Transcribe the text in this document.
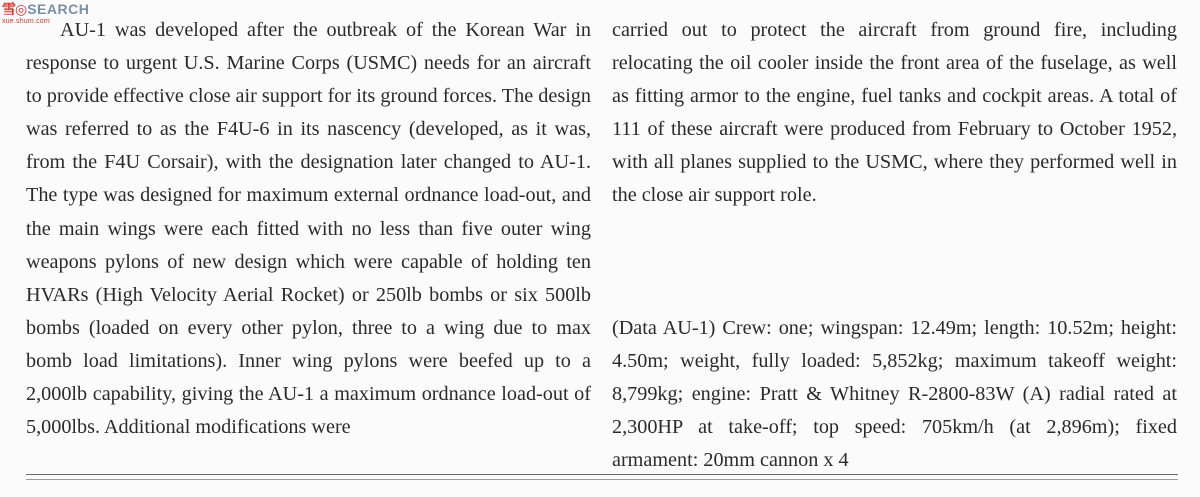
雪◎SEARCH
xue.shum.com AU-1 was developed after the outbreak of the Korean War in response to urgent U.S. Marine Corps (USMC) needs for an aircraft to provide effective close air support for its ground forces. The design was referred to as the F4U-6 in its nascency (developed, as it was, from the F4U Corsair), with the designation later changed to AU-1. The type was designed for maximum external ordnance load-out, and the main wings were each fitted with no less than five outer wing weapons pylons of new design which were capable of holding ten HVARs (High Velocity Aerial Rocket) or 250lb bombs or six 500lb bombs (loaded on every other pylon, three to a wing due to max bomb load limitations). Inner wing pylons were beefed up to a 2,000lb capability, giving the AU-1 a maximum ordnance load-out of 5,000lbs. Additional modifications were

carried out to protect the aircraft from ground fire, including relocating the oil cooler inside the front area of the fuselage, as well as fitting armor to the engine, fuel tanks and cockpit areas. A total of 111 of these aircraft were produced from February to October 1952, with all planes supplied to the USMC, where they performed well in the close air support role.

(Data AU-1) Crew: one; wingspan: 12.49m; length: 10.52m; height: 4.50m; weight, fully loaded: 5,852kg; maximum takeoff weight: 8,799kg; engine: Pratt & Whitney R-2800-83W (A) radial rated at 2,300HP at take-off; top speed: 705km/h (at 2,896m); fixed armament: 20mm cannon x 4
